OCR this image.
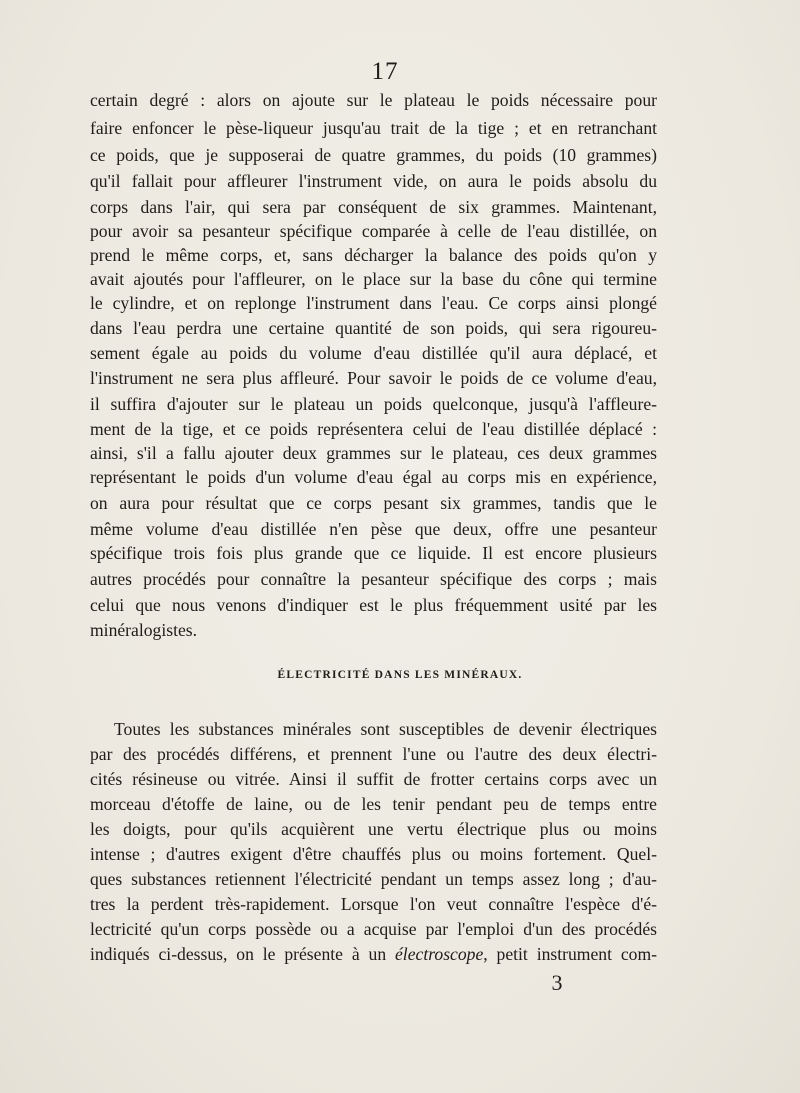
17
certain degré : alors on ajoute sur le plateau le poids nécessaire pour
faire enfoncer le pèse-liqueur jusqu'au trait de la tige ; et en retranchant
ce poids, que je supposerai de quatre grammes, du poids (10 grammes)
qu'il fallait pour affleurer l'instrument vide, on aura le poids absolu du
corps dans l'air, qui sera par conséquent de six grammes. Maintenant,
pour avoir sa pesanteur spécifique comparée à celle de l'eau distillée, on
prend le même corps, et, sans décharger la balance des poids qu'on y
avait ajoutés pour l'affleurer, on le place sur la base du cône qui termine
le cylindre, et on replonge l'instrument dans l'eau. Ce corps ainsi plongé
dans l'eau perdra une certaine quantité de son poids, qui sera rigoureu-
sement égale au poids du volume d'eau distillée qu'il aura déplacé, et
l'instrument ne sera plus affleuré. Pour savoir le poids de ce volume d'eau,
il suffira d'ajouter sur le plateau un poids quelconque, jusqu'à l'affleure-
ment de la tige, et ce poids représentera celui de l'eau distillée déplacé :
ainsi, s'il a fallu ajouter deux grammes sur le plateau, ces deux grammes
représentant le poids d'un volume d'eau égal au corps mis en expérience,
on aura pour résultat que ce corps pesant six grammes, tandis que le
même volume d'eau distillée n'en pèse que deux, offre une pesanteur
spécifique trois fois plus grande que ce liquide. Il est encore plusieurs
autres procédés pour connaître la pesanteur spécifique des corps ; mais
celui que nous venons d'indiquer est le plus fréquemment usité par les
minéralogistes.
ÉLECTRICITÉ DANS LES MINÉRAUX.
Toutes les substances minérales sont susceptibles de devenir électriques
par des procédés différens, et prennent l'une ou l'autre des deux électri-
cités résineuse ou vitrée. Ainsi il suffit de frotter certains corps avec un
morceau d'étoffe de laine, ou de les tenir pendant peu de temps entre
les doigts, pour qu'ils acquièrent une vertu électrique plus ou moins
intense ; d'autres exigent d'être chauffés plus ou moins fortement. Quel-
ques substances retiennent l'électricité pendant un temps assez long ; d'au-
tres la perdent très-rapidement. Lorsque l'on veut connaître l'espèce d'é-
lectricité qu'un corps possède ou a acquise par l'emploi d'un des procédés
indiqués ci-dessus, on le présente à un électroscope, petit instrument com-
3
